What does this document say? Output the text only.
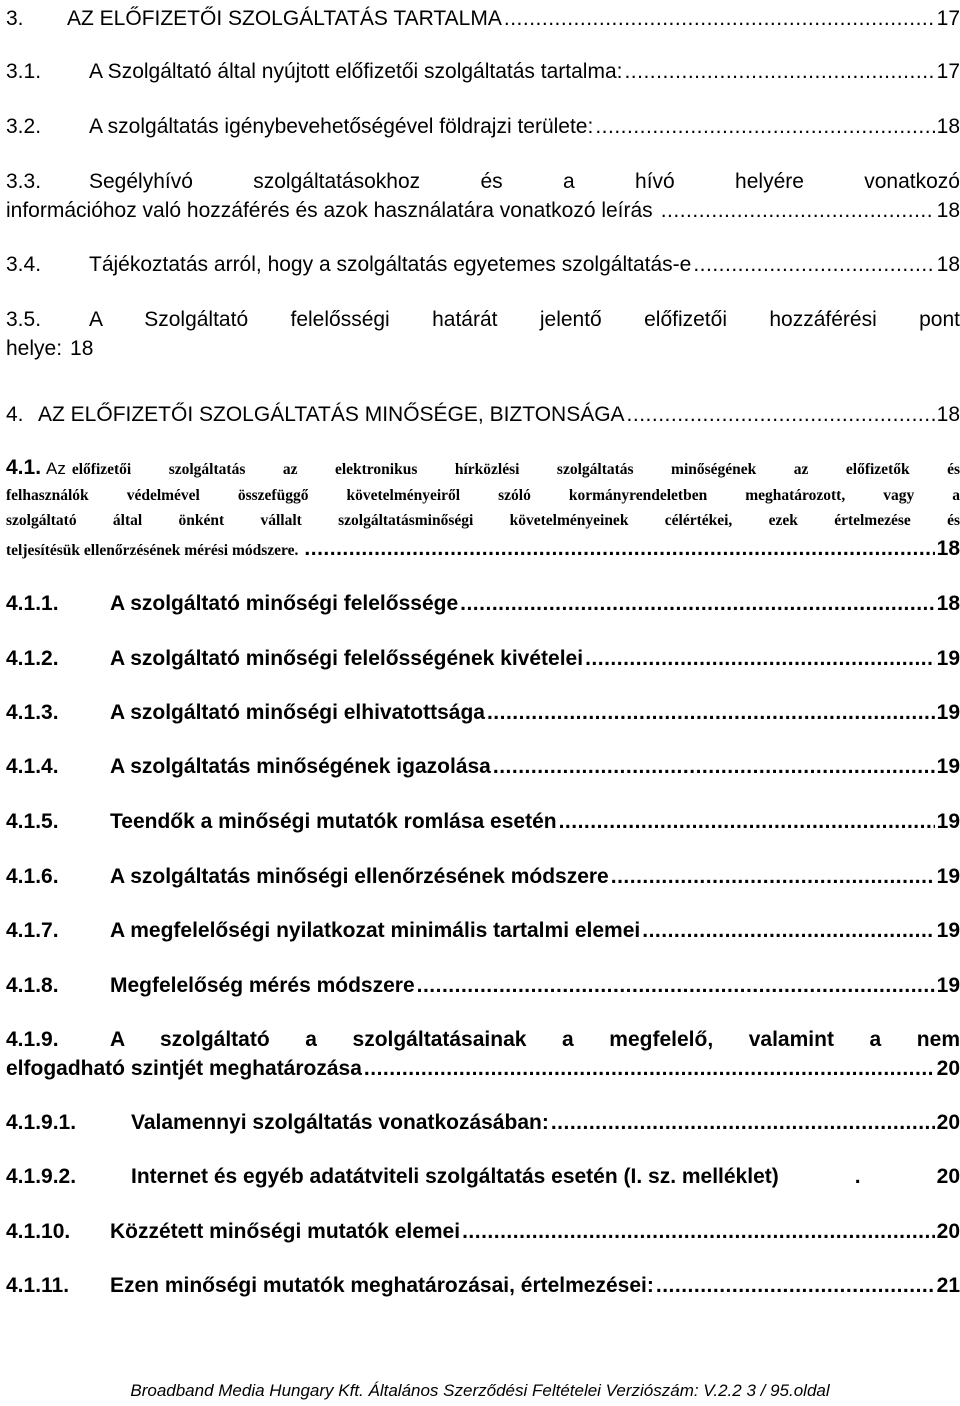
3.	AZ ELŐFIZETŐI SZOLGÁLTATÁS TARTALMA .....	17
3.1.	A Szolgáltató által nyújtott előfizetői szolgáltatás tartalma: .....	17
3.2.	A szolgáltatás igénybevehetőségével földrajzi területe: .....	18
3.3.	Segélyhívó szolgáltatásokhoz és a hívó helyére vonatkozó
információhoz való hozzáférés és azok használatára vonatkozó leírás .....	18
3.4.	Tájékoztatás arról, hogy a szolgáltatás egyetemes szolgáltatás-e .....	18
3.5.	A Szolgáltató felelősségi határát jelentő előfizetői hozzáférési pont
helye: 18
4. AZ ELŐFIZETŐI SZOLGÁLTATÁS MINŐSÉGE, BIZTONSÁGA .....	18
4.1. Az előfizetői szolgáltatás az elektronikus hírközlési szolgáltatás minőségének az előfizetők és
felhasználók védelmével összefüggő követelményeiről szóló kormányrendeletben meghatározott, vagy a
szolgáltató által önként vállalt szolgáltatásminőségi követelményeinek célértékei, ezek értelmezése és
teljesítésük ellenőrzésének mérési módszere. .....	18
4.1.1.	A szolgáltató minőségi felelőssége .....	18
4.1.2.	A szolgáltató minőségi felelősségének kivételei .....	19
4.1.3.	A szolgáltató minőségi elhivatottsága .....	19
4.1.4.	A szolgáltatás minőségének igazolása .....	19
4.1.5.	Teendők a minőségi mutatók romlása esetén .....	19
4.1.6.	A szolgáltatás minőségi ellenőrzésének módszere .....	19
4.1.7.	A megfelelőségi nyilatkozat minimális tartalmi elemei .....	19
4.1.8.	Megfelelőség mérés módszere .....	19
4.1.9.	A szolgáltató a szolgáltatásainak a megfelelő, valamint a nem
elfogadható szintjét meghatározása .....	20
4.1.9.1.	Valamennyi szolgáltatás vonatkozásában: .....	20
4.1.9.2.	Internet és egyéb adatátviteli szolgáltatás esetén (I. sz. melléklet)	.	20
4.1.10.	Közzétett minőségi mutatók elemei .....	20
4.1.11.	Ezen minőségi mutatók meghatározásai, értelmezései: .....	21
Broadband Media Hungary Kft. Általános Szerződési Feltételei Verziószám: V.2.2 3 / 95.oldal
